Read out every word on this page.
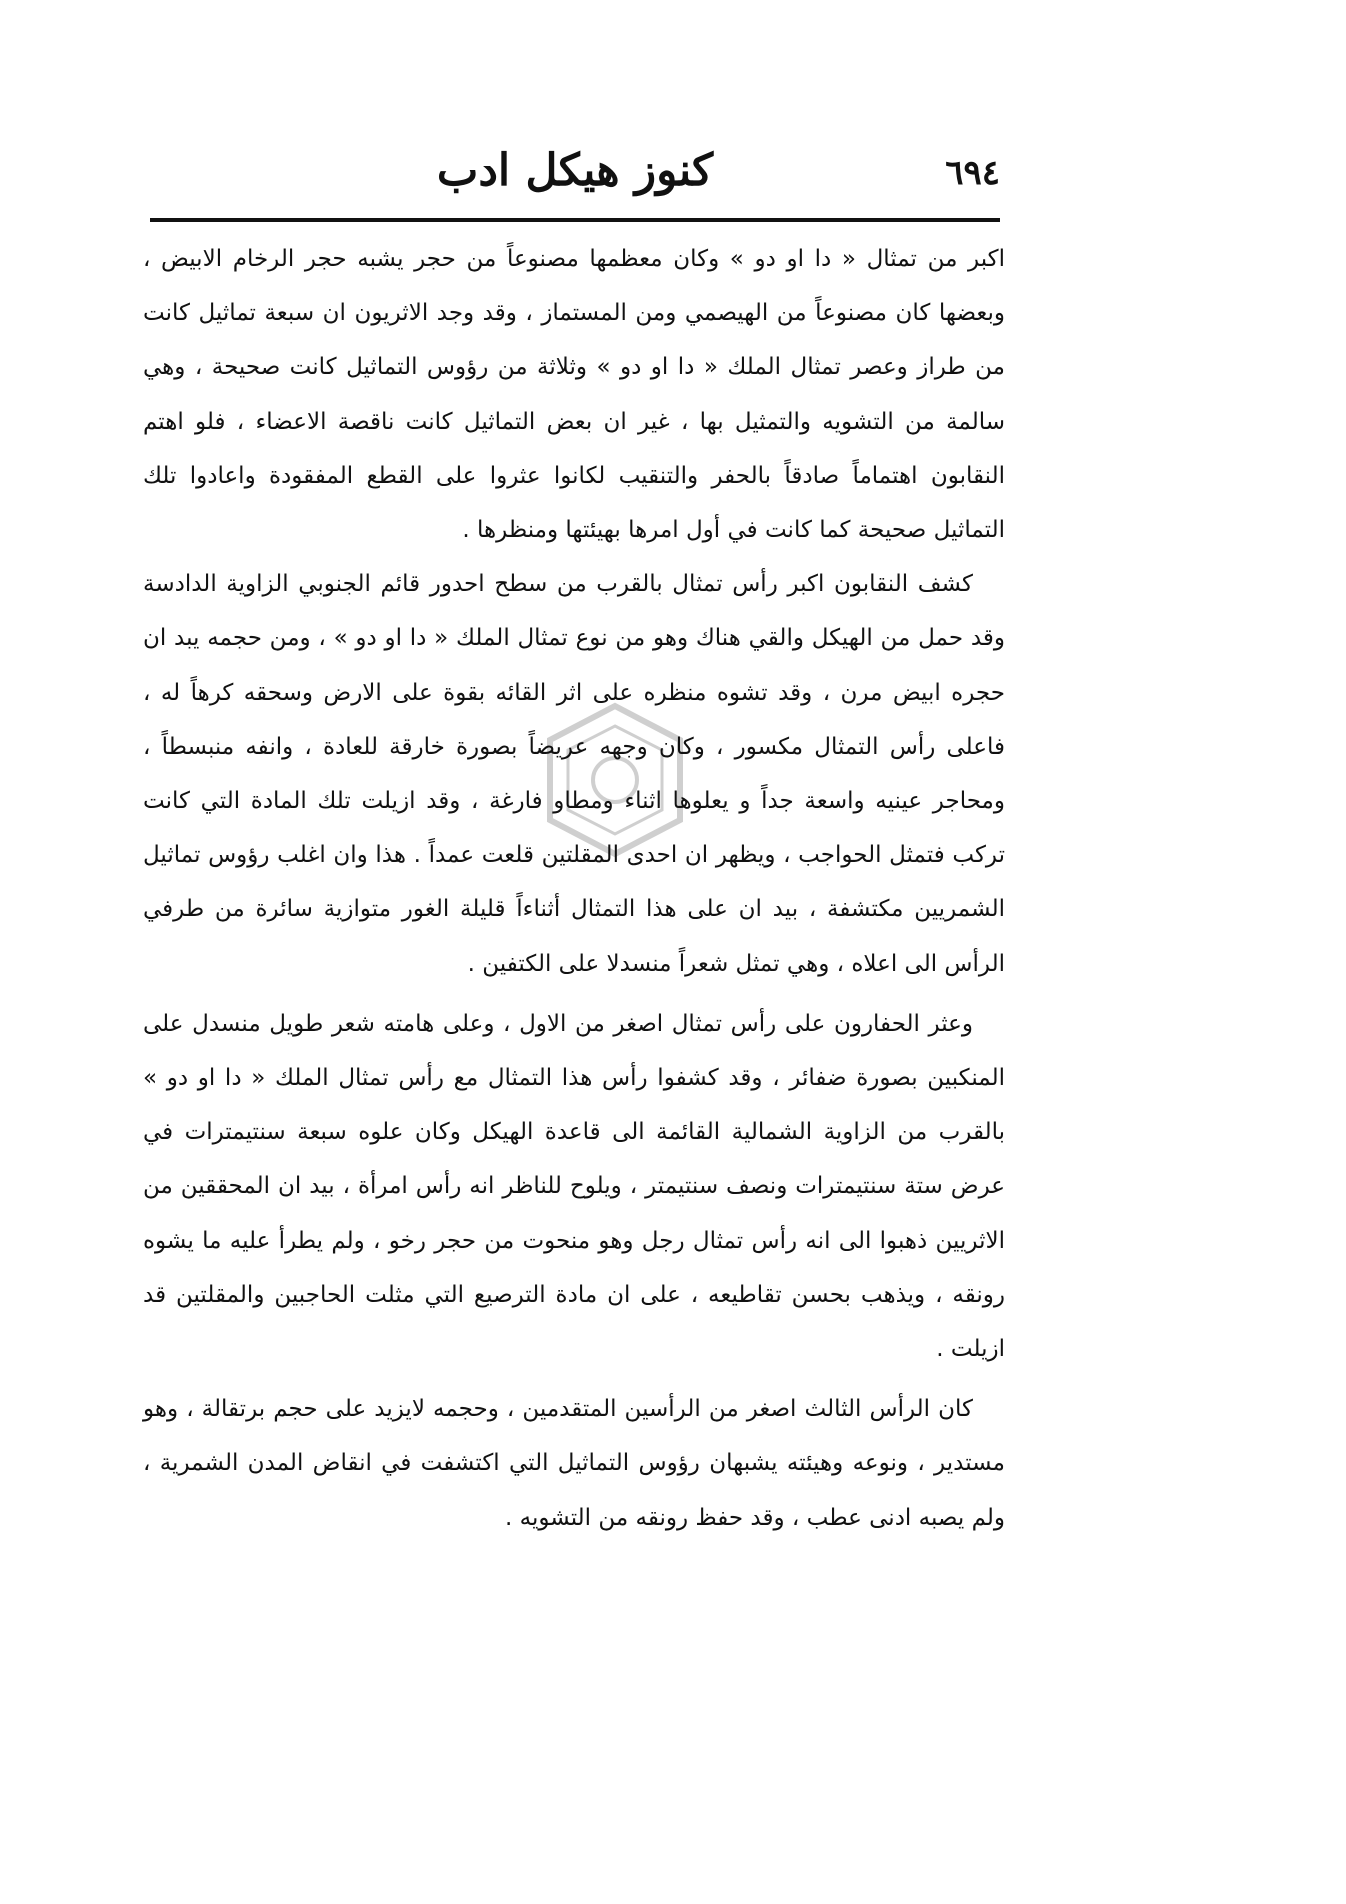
٦٩٤
كنوز هيكل ادب

اكبر من تمثال « دا او دو » وكان معظمها مصنوعاً من حجر يشبه حجر الرخام الابيض ، وبعضها كان مصنوعاً من الهيصمي ومن المستماز ، وقد وجد الاثريون ان سبعة تماثيل كانت من طراز وعصر تمثال الملك « دا او دو » وثلاثة من رؤوس التماثيل كانت صحيحة ، وهي سالمة من التشويه والتمثيل بها ، غير ان بعض التماثيل كانت ناقصة الاعضاء ، فلو اهتم النقابون اهتماماً صادقاً بالحفر والتنقيب لكانوا عثروا على القطع المفقودة واعادوا تلك التماثيل صحيحة كما كانت في أول امرها بهيئتها ومنظرها .

كشف النقابون اكبر رأس تمثال بالقرب من سطح احدور قائم الجنوبي الزاوية الدادسة وقد حمل من الهيكل والقي هناك وهو من نوع تمثال الملك « دا او دو » ، ومن حجمه يبد ان حجره ابيض مرن ، وقد تشوه منظره على اثر القائه بقوة على الارض وسحقه كرهاً له ، فاعلى رأس التمثال مكسور ، وكان وجهه عريضاً بصورة خارقة للعادة ، وانفه منبسطاً ، ومحاجر عينيه واسعة جداً و يعلوها اثناء ومطاو فارغة ، وقد ازيلت تلك المادة التي كانت تركب فتمثل الحواجب ، ويظهر ان احدى المقلتين قلعت عمداً . هذا وان اغلب رؤوس تماثيل الشمريين مكتشفة ، بيد ان على هذا التمثال أثناءاً قليلة الغور متوازية سائرة من طرفي الرأس الى اعلاه ، وهي تمثل شعراً منسدلا على الكتفين .

وعثر الحفارون على رأس تمثال اصغر من الاول ، وعلى هامته شعر طويل منسدل على المنكبين بصورة ضفائر ، وقد كشفوا رأس هذا التمثال مع رأس تمثال الملك « دا او دو » بالقرب من الزاوية الشمالية القائمة الى قاعدة الهيكل وكان علوه سبعة سنتيمترات في عرض ستة سنتيمترات ونصف سنتيمتر ، ويلوح للناظر انه رأس امرأة ، بيد ان المحققين من الاثريين ذهبوا الى انه رأس تمثال رجل وهو منحوت من حجر رخو ، ولم يطرأ عليه ما يشوه رونقه ، ويذهب بحسن تقاطيعه ، على ان مادة الترصيع التي مثلت الحاجبين والمقلتين قد ازيلت .

كان الرأس الثالث اصغر من الرأسين المتقدمين ، وحجمه لايزيد على حجم برتقالة ، وهو مستدير ، ونوعه وهيئته يشبهان رؤوس التماثيل التي اكتشفت في انقاض المدن الشمرية ، ولم يصبه ادنى عطب ، وقد حفظ رونقه من التشويه .
